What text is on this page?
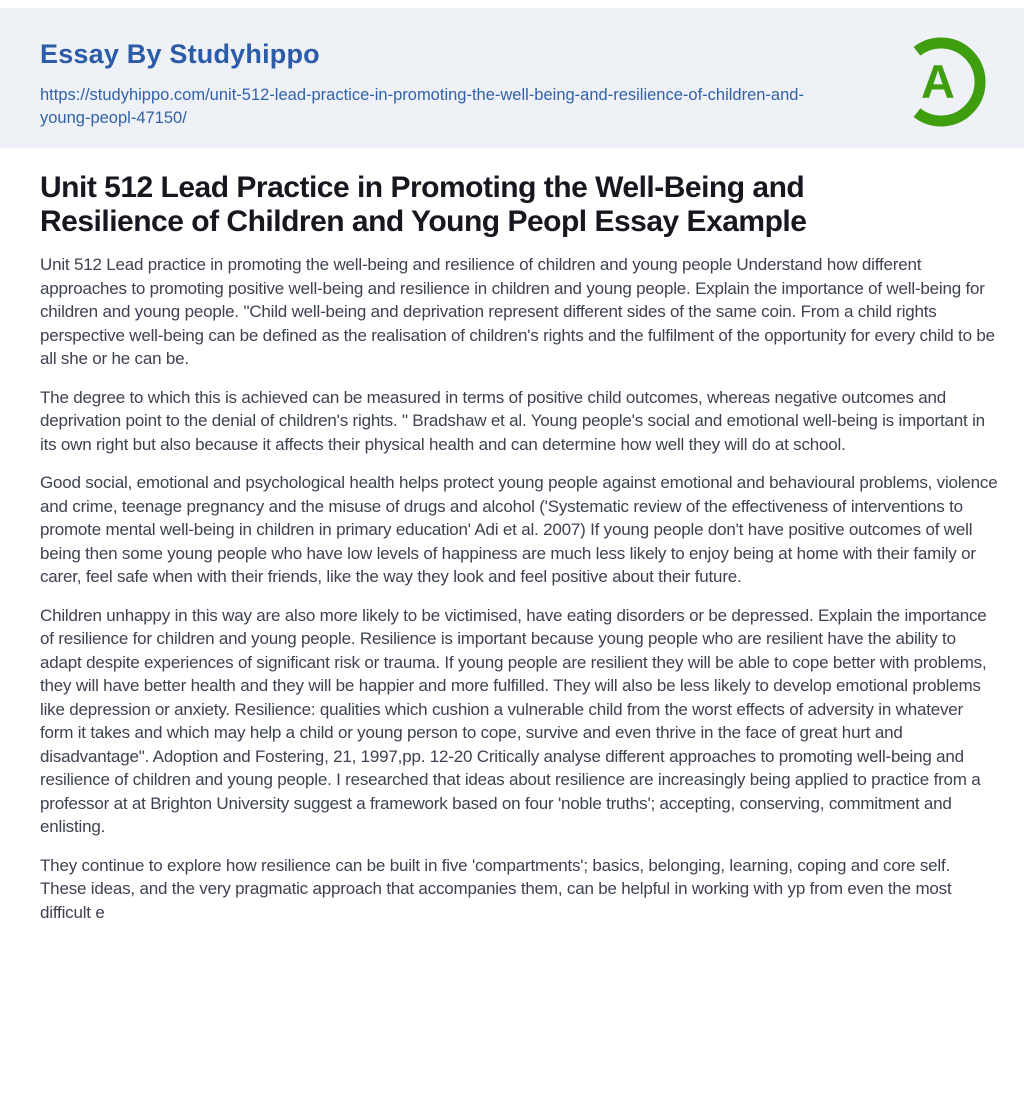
Essay By Studyhippo
https://studyhippo.com/unit-512-lead-practice-in-promoting-the-well-being-and-resilience-of-children-and-young-peopl-47150/
A
Unit 512 Lead Practice in Promoting the Well-Being and Resilience of Children and Young Peopl Essay Example

Unit 512 Lead practice in promoting the well-being and resilience of children and young people Understand how different approaches to promoting positive well-being and resilience in children and young people. Explain the importance of well-being for children and young people. "Child well-being and deprivation represent different sides of the same coin. From a child rights perspective well-being can be defined as the realisation of children's rights and the fulfilment of the opportunity for every child to be all she or he can be.

The degree to which this is achieved can be measured in terms of positive child outcomes, whereas negative outcomes and deprivation point to the denial of children's rights. " Bradshaw et al. Young people's social and emotional well-being is important in its own right but also because it affects their physical health and can determine how well they will do at school.

Good social, emotional and psychological health helps protect young people against emotional and behavioural problems, violence and crime, teenage pregnancy and the misuse of drugs and alcohol ('Systematic review of the effectiveness of interventions to promote mental well-being in children in primary education' Adi et al. 2007) If young people don't have positive outcomes of well being then some young people who have low levels of happiness are much less likely to enjoy being at home with their family or carer, feel safe when with their friends, like the way they look and feel positive about their future.

Children unhappy in this way are also more likely to be victimised, have eating disorders or be depressed. Explain the importance of resilience for children and young people. Resilience is important because young people who are resilient have the ability to adapt despite experiences of significant risk or trauma. If young people are resilient they will be able to cope better with problems, they will have better health and they will be happier and more fulfilled. They will also be less likely to develop emotional problems like depression or anxiety. Resilience: qualities which cushion a vulnerable child from the worst effects of adversity in whatever form it takes and which may help a child or young person to cope, survive and even thrive in the face of great hurt and disadvantage". Adoption and Fostering, 21, 1997,pp. 12-20 Critically analyse different approaches to promoting well-being and resilience of children and young people. I researched that ideas about resilience are increasingly being applied to practice from a professor at at Brighton University suggest a framework based on four 'noble truths'; accepting, conserving, commitment and enlisting.

They continue to explore how resilience can be built in five 'compartments'; basics, belonging, learning, coping and core self. These ideas, and the very pragmatic approach that accompanies them, can be helpful in working with yp from even the most difficult e
